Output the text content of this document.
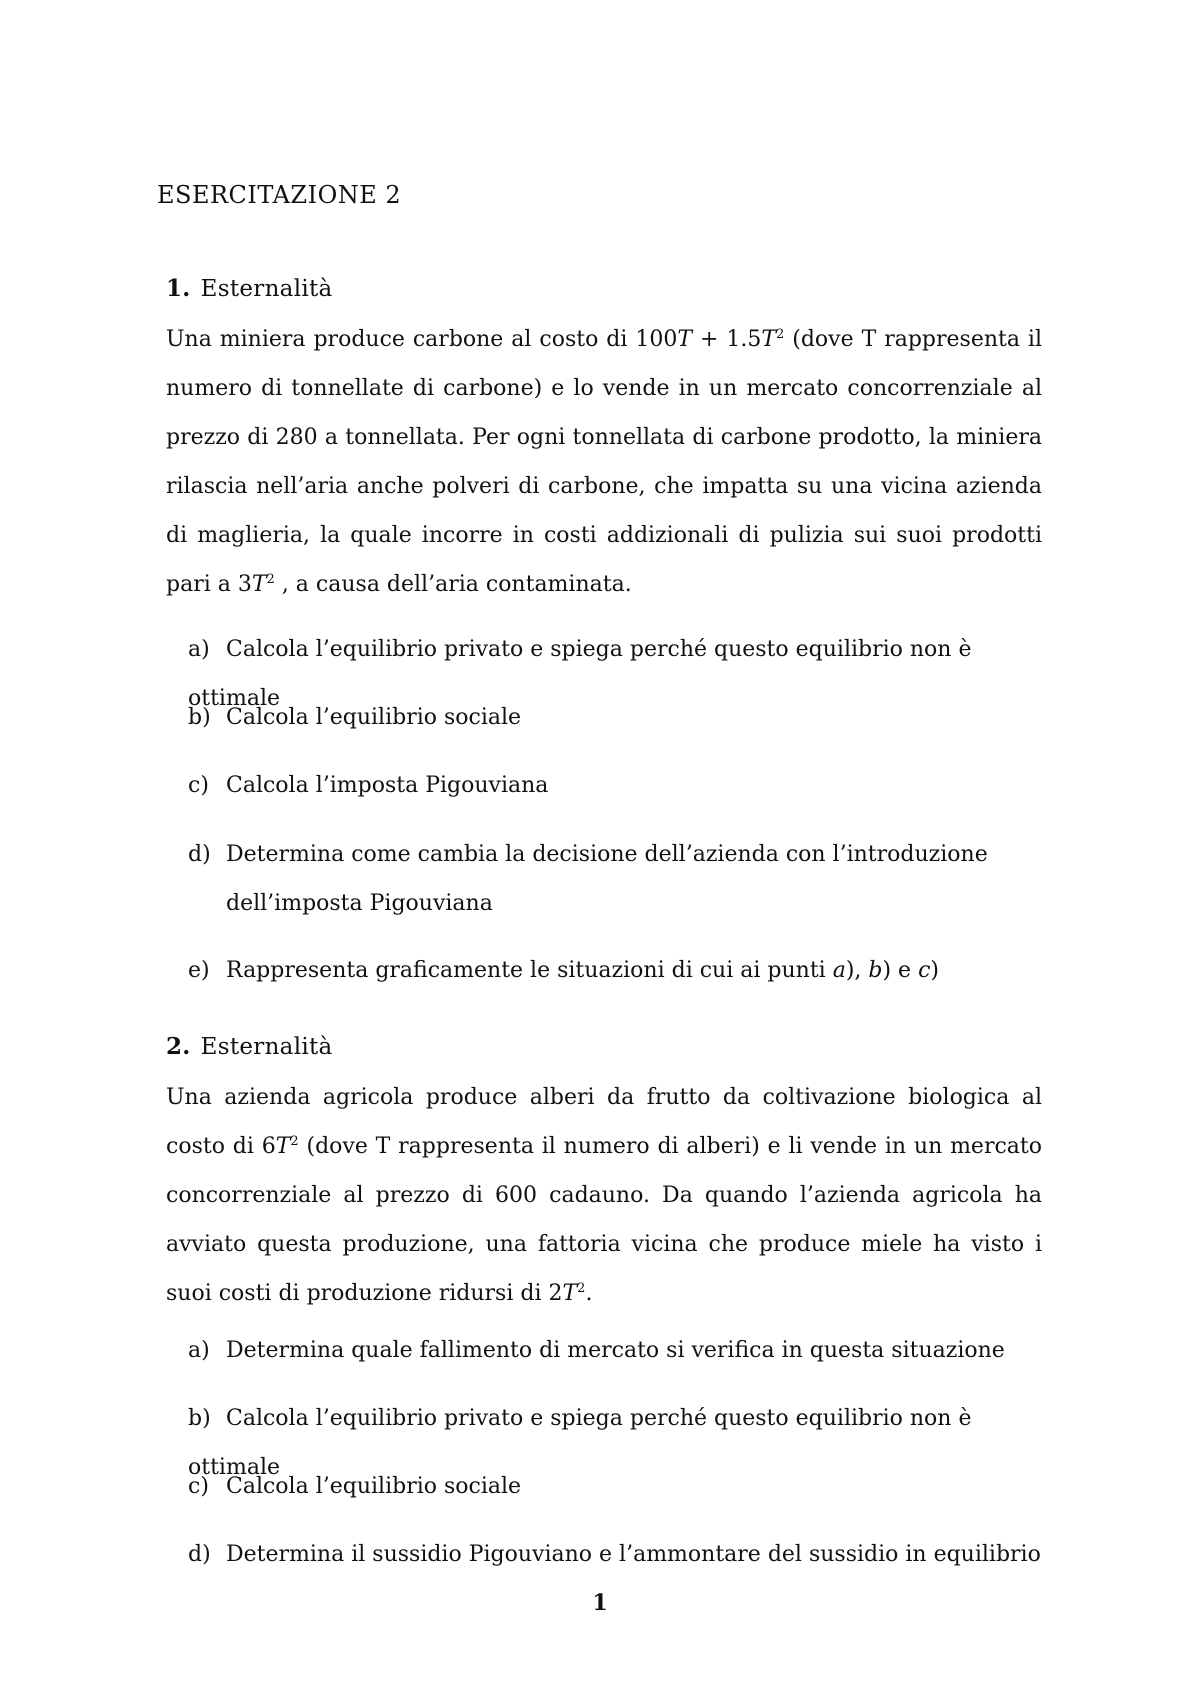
ESERCITAZIONE 2
1. Esternalità

Una miniera produce carbone al costo di $100T + 1.5T^2$ (dove T rappresenta il numero di tonnellate di carbone) e lo vende in un mercato concorrenziale al prezzo di 280 a tonnellata. Per ogni tonnellata di carbone prodotto, la miniera rilascia nell’aria anche polveri di carbone, che impatta su una vicina azienda di maglieria, la quale incorre in costi addizionali di pulizia sui suoi prodotti pari a $3T^2$ , a causa dell’aria contaminata.

a) Calcola l’equilibrio privato e spiega perché questo equilibrio non è ottimale
b) Calcola l’equilibrio sociale
c) Calcola l’imposta Pigouviana
d) Determina come cambia la decisione dell’azienda con l’introduzione dell’imposta Pigouviana
e) Rappresenta graficamente le situazioni di cui ai punti a), b) e c)
2. Esternalità

Una azienda agricola produce alberi da frutto da coltivazione biologica al costo di $6T^2$ (dove T rappresenta il numero di alberi) e li vende in un mercato concorrenziale al prezzo di 600 cadauno. Da quando l’azienda agricola ha avviato questa produzione, una fattoria vicina che produce miele ha visto i suoi costi di produzione ridursi di $2T^2$.

a) Determina quale fallimento di mercato si verifica in questa situazione
b) Calcola l’equilibrio privato e spiega perché questo equilibrio non è ottimale
c) Calcola l’equilibrio sociale
d) Determina il sussidio Pigouviano e l’ammontare del sussidio in equilibrio
1
